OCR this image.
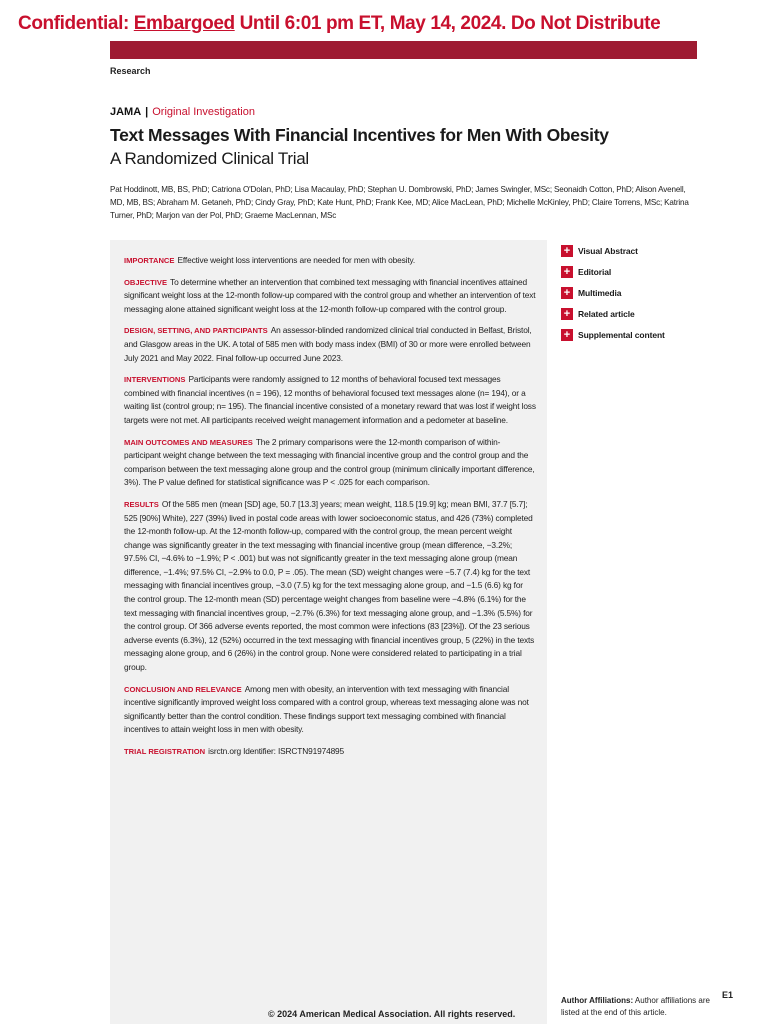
Confidential: Embargoed Until 6:01 pm ET, May 14, 2024. Do Not Distribute
Research
JAMA | Original Investigation
Text Messages With Financial Incentives for Men With Obesity
A Randomized Clinical Trial
Pat Hoddinott, MB, BS, PhD; Catriona O'Dolan, PhD; Lisa Macaulay, PhD; Stephan U. Dombrowski, PhD; James Swingler, MSc; Seonaidh Cotton, PhD; Alison Avenell, MD, MB, BS; Abraham M. Getaneh, PhD; Cindy Gray, PhD; Kate Hunt, PhD; Frank Kee, MD; Alice MacLean, PhD; Michelle McKinley, PhD; Claire Torrens, MSc; Katrina Turner, PhD; Marjon van der Pol, PhD; Graeme MacLennan, MSc

IMPORTANCE Effective weight loss interventions are needed for men with obesity.

OBJECTIVE To determine whether an intervention that combined text messaging with financial incentives attained significant weight loss at the 12-month follow-up compared with the control group and whether an intervention of text messaging alone attained significant weight loss at the 12-month follow-up compared with the control group.

DESIGN, SETTING, AND PARTICIPANTS An assessor-blinded randomized clinical trial conducted in Belfast, Bristol, and Glasgow areas in the UK. A total of 585 men with body mass index (BMI) of 30 or more were enrolled between July 2021 and May 2022. Final follow-up occurred June 2023.

INTERVENTIONS Participants were randomly assigned to 12 months of behavioral focused text messages combined with financial incentives (n = 196), 12 months of behavioral focused text messages alone (n= 194), or a waiting list (control group; n= 195). The financial incentive consisted of a monetary reward that was lost if weight loss targets were not met. All participants received weight management information and a pedometer at baseline.

MAIN OUTCOMES AND MEASURES The 2 primary comparisons were the 12-month comparison of within-participant weight change between the text messaging with financial incentive group and the control group and the comparison between the text messaging alone group and the control group (minimum clinically important difference, 3%). The P value defined for statistical significance was P < .025 for each comparison.

RESULTS Of the 585 men (mean [SD] age, 50.7 [13.3] years; mean weight, 118.5 [19.9] kg; mean BMI, 37.7 [5.7]; 525 [90%] White), 227 (39%) lived in postal code areas with lower socioeconomic status, and 426 (73%) completed the 12-month follow-up. At the 12-month follow-up, compared with the control group, the mean percent weight change was significantly greater in the text messaging with financial incentive group (mean difference, −3.2%; 97.5% CI, −4.6% to −1.9%; P < .001) but was not significantly greater in the text messaging alone group (mean difference, −1.4%; 97.5% CI, −2.9% to 0.0, P = .05). The mean (SD) weight changes were −5.7 (7.4) kg for the text messaging with financial incentives group, −3.0 (7.5) kg for the text messaging alone group, and −1.5 (6.6) kg for the control group. The 12-month mean (SD) percentage weight changes from baseline were −4.8% (6.1%) for the text messaging with financial incentives group, −2.7% (6.3%) for text messaging alone group, and −1.3% (5.5%) for the control group. Of 366 adverse events reported, the most common were infections (83 [23%]). Of the 23 serious adverse events (6.3%), 12 (52%) occurred in the text messaging with financial incentives group, 5 (22%) in the texts messaging alone group, and 6 (26%) in the control group. None were considered related to participating in a trial group.

CONCLUSION AND RELEVANCE Among men with obesity, an intervention with text messaging with financial incentive significantly improved weight loss compared with a control group, whereas text messaging alone was not significantly better than the control condition. These findings support text messaging combined with financial incentives to attain weight loss in men with obesity.

TRIAL REGISTRATION isrctn.org Identifier: ISRCTN91974895

+ Visual Abstract
+ Editorial
+ Multimedia
+ Related article
+ Supplemental content
© 2024 American Medical Association. All rights reserved.
Author Affiliations: Author affiliations are listed at the end of this article.
E1
